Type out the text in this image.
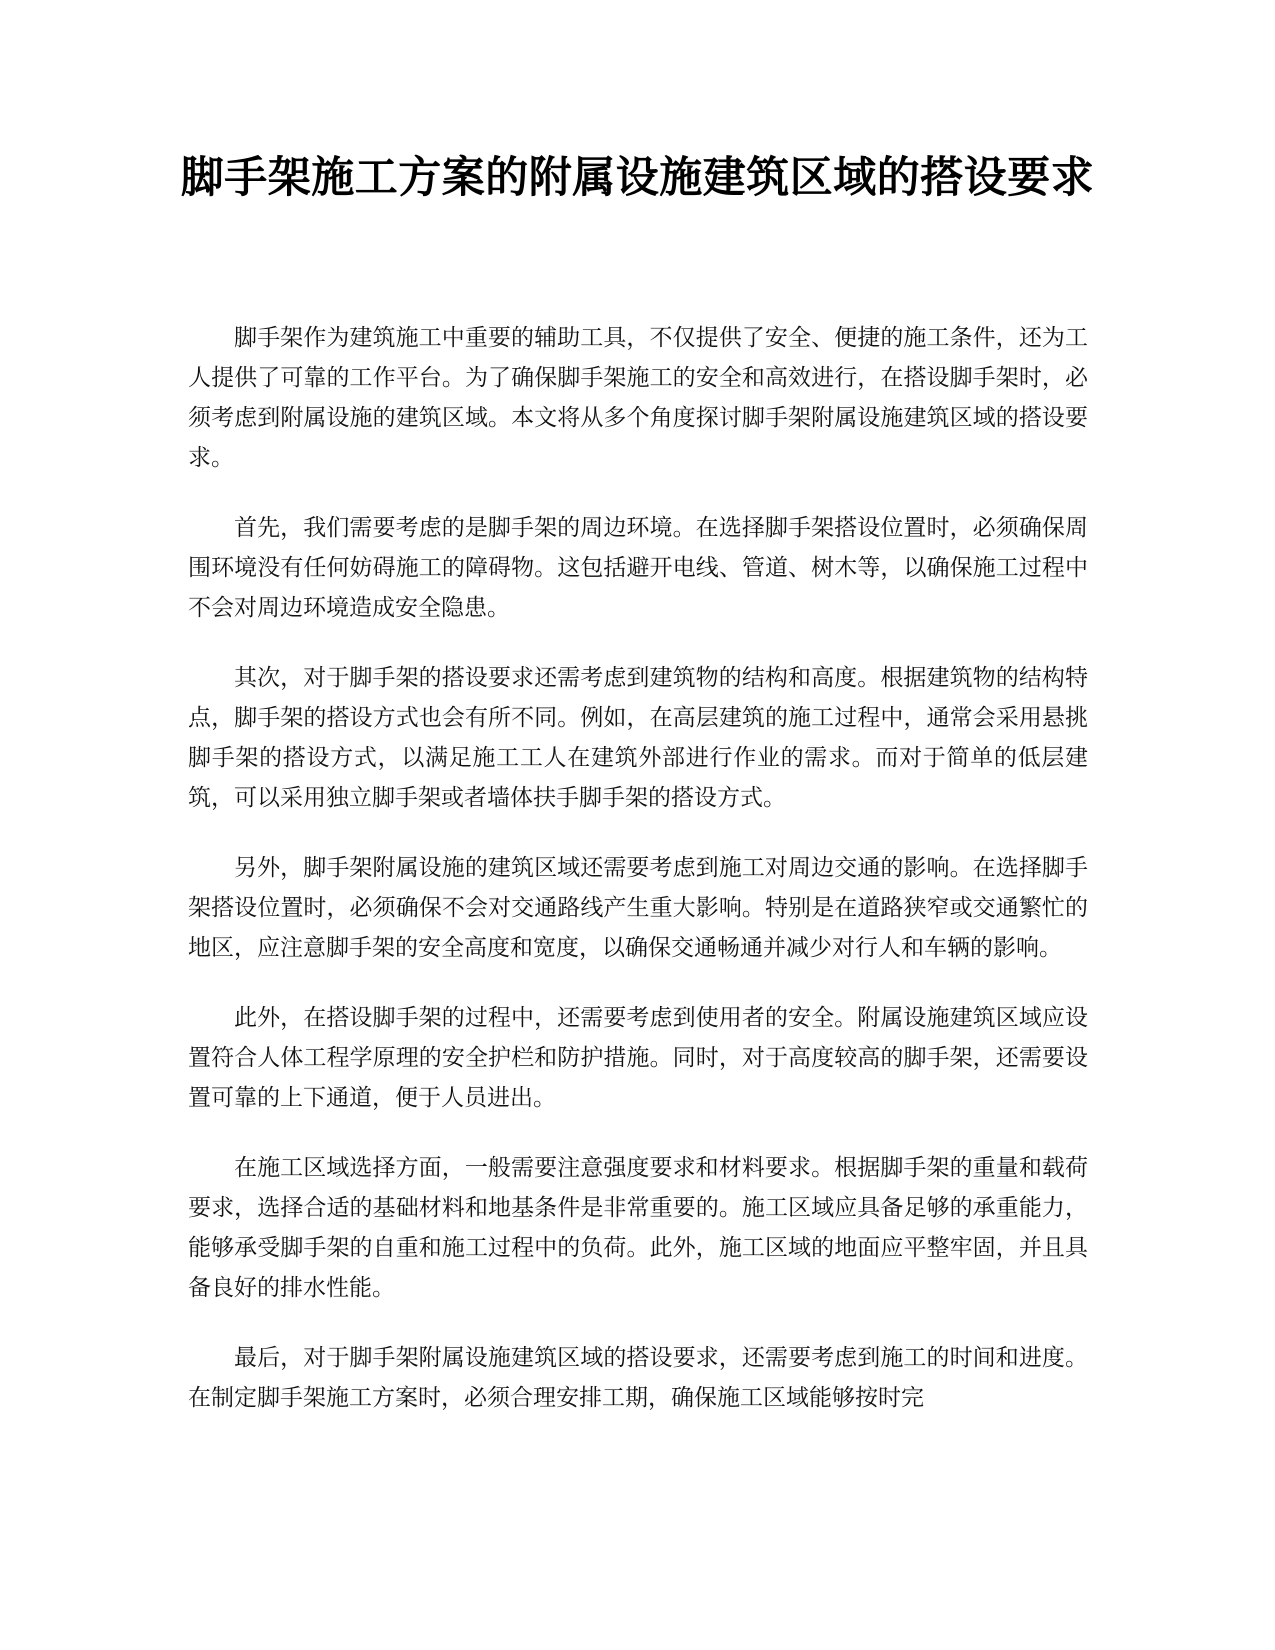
脚手架施工方案的附属设施建筑区域的搭设要求

脚手架作为建筑施工中重要的辅助工具，不仅提供了安全、便捷的施工条件，还为工人提供了可靠的工作平台。为了确保脚手架施工的安全和高效进行，在搭设脚手架时，必须考虑到附属设施的建筑区域。本文将从多个角度探讨脚手架附属设施建筑区域的搭设要求。

首先，我们需要考虑的是脚手架的周边环境。在选择脚手架搭设位置时，必须确保周围环境没有任何妨碍施工的障碍物。这包括避开电线、管道、树木等，以确保施工过程中不会对周边环境造成安全隐患。

其次，对于脚手架的搭设要求还需考虑到建筑物的结构和高度。根据建筑物的结构特点，脚手架的搭设方式也会有所不同。例如，在高层建筑的施工过程中，通常会采用悬挑脚手架的搭设方式，以满足施工工人在建筑外部进行作业的需求。而对于简单的低层建筑，可以采用独立脚手架或者墙体扶手脚手架的搭设方式。

另外，脚手架附属设施的建筑区域还需要考虑到施工对周边交通的影响。在选择脚手架搭设位置时，必须确保不会对交通路线产生重大影响。特别是在道路狭窄或交通繁忙的地区，应注意脚手架的安全高度和宽度，以确保交通畅通并减少对行人和车辆的影响。

此外，在搭设脚手架的过程中，还需要考虑到使用者的安全。附属设施建筑区域应设置符合人体工程学原理的安全护栏和防护措施。同时，对于高度较高的脚手架，还需要设置可靠的上下通道，便于人员进出。

在施工区域选择方面，一般需要注意强度要求和材料要求。根据脚手架的重量和载荷要求，选择合适的基础材料和地基条件是非常重要的。施工区域应具备足够的承重能力，能够承受脚手架的自重和施工过程中的负荷。此外，施工区域的地面应平整牢固，并且具备良好的排水性能。

最后，对于脚手架附属设施建筑区域的搭设要求，还需要考虑到施工的时间和进度。在制定脚手架施工方案时，必须合理安排工期，确保施工区域能够按时完
